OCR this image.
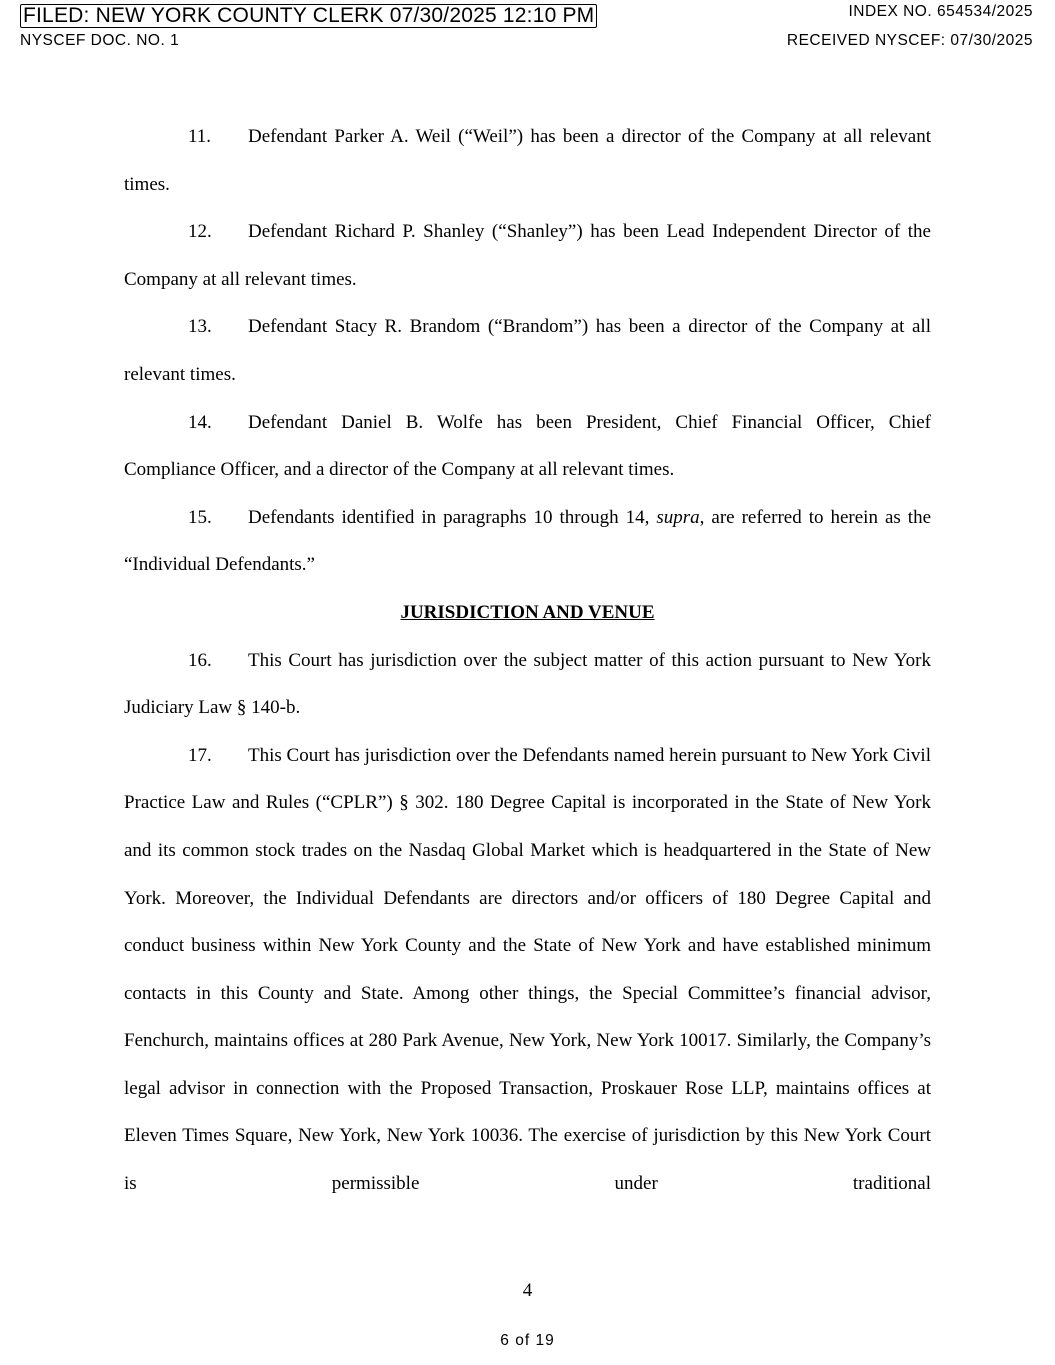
FILED: NEW YORK COUNTY CLERK 07/30/2025 12:10 PM	INDEX NO. 654534/2025
NYSCEF DOC. NO. 1	RECEIVED NYSCEF: 07/30/2025

11. Defendant Parker A. Weil (“Weil”) has been a director of the Company at all relevant times.

12. Defendant Richard P. Shanley (“Shanley”) has been Lead Independent Director of the Company at all relevant times.

13. Defendant Stacy R. Brandom (“Brandom”) has been a director of the Company at all relevant times.

14. Defendant Daniel B. Wolfe has been President, Chief Financial Officer, Chief Compliance Officer, and a director of the Company at all relevant times.

15. Defendants identified in paragraphs 10 through 14, supra, are referred to herein as the “Individual Defendants.”

JURISDICTION AND VENUE

16. This Court has jurisdiction over the subject matter of this action pursuant to New York Judiciary Law § 140-b.

17. This Court has jurisdiction over the Defendants named herein pursuant to New York Civil Practice Law and Rules (“CPLR”) § 302. 180 Degree Capital is incorporated in the State of New York and its common stock trades on the Nasdaq Global Market which is headquartered in the State of New York. Moreover, the Individual Defendants are directors and/or officers of 180 Degree Capital and conduct business within New York County and the State of New York and have established minimum contacts in this County and State. Among other things, the Special Committee’s financial advisor, Fenchurch, maintains offices at 280 Park Avenue, New York, New York 10017. Similarly, the Company’s legal advisor in connection with the Proposed Transaction, Proskauer Rose LLP, maintains offices at Eleven Times Square, New York, New York 10036. The exercise of jurisdiction by this New York Court is permissible under traditional

4
6 of 19
